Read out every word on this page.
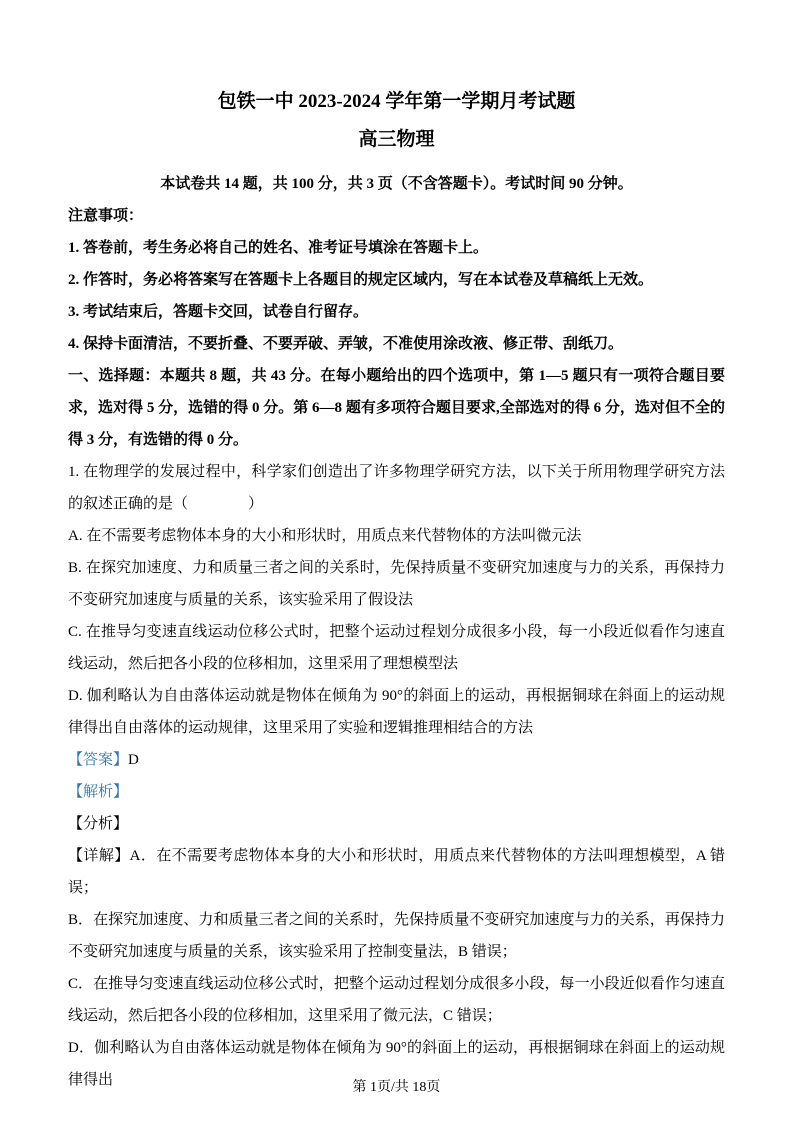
包铁一中 2023-2024 学年第一学期月考试题
高三物理

本试卷共 14 题，共 100 分，共 3 页（不含答题卡）。考试时间 90 分钟。

注意事项：

1. 答卷前，考生务必将自己的姓名、准考证号填涂在答题卡上。

2. 作答时，务必将答案写在答题卡上各题目的规定区域内，写在本试卷及草稿纸上无效。

3. 考试结束后，答题卡交回，试卷自行留存。

4. 保持卡面清洁，不要折叠、不要弄破、弄皱，不准使用涂改液、修正带、刮纸刀。

一、选择题：本题共 8 题，共 43 分。在每小题给出的四个选项中，第 1—5 题只有一项符合题目要求，选对得 5 分，选错的得 0 分。第 6—8 题有多项符合题目要求,全部选对的得 6 分，选对但不全的得 3 分，有选错的得 0 分。

1. 在物理学的发展过程中，科学家们创造出了许多物理学研究方法，以下关于所用物理学研究方法的叙述正确的是（　　　　）

A. 在不需要考虑物体本身的大小和形状时，用质点来代替物体的方法叫微元法

B. 在探究加速度、力和质量三者之间的关系时，先保持质量不变研究加速度与力的关系，再保持力不变研究加速度与质量的关系，该实验采用了假设法

C. 在推导匀变速直线运动位移公式时，把整个运动过程划分成很多小段，每一小段近似看作匀速直线运动，然后把各小段的位移相加，这里采用了理想模型法

D. 伽利略认为自由落体运动就是物体在倾角为 90°的斜面上的运动，再根据铜球在斜面上的运动规律得出自由落体的运动规律，这里采用了实验和逻辑推理相结合的方法

【答案】D

【解析】

【分析】

【详解】A．在不需要考虑物体本身的大小和形状时，用质点来代替物体的方法叫理想模型，A 错误；

B．在探究加速度、力和质量三者之间的关系时，先保持质量不变研究加速度与力的关系，再保持力不变研究加速度与质量的关系，该实验采用了控制变量法，B 错误；

C．在推导匀变速直线运动位移公式时，把整个运动过程划分成很多小段，每一小段近似看作匀速直线运动，然后把各小段的位移相加，这里采用了微元法，C 错误；

D．伽利略认为自由落体运动就是物体在倾角为 90°的斜面上的运动，再根据铜球在斜面上的运动规律得出	第 1页/共 18页
